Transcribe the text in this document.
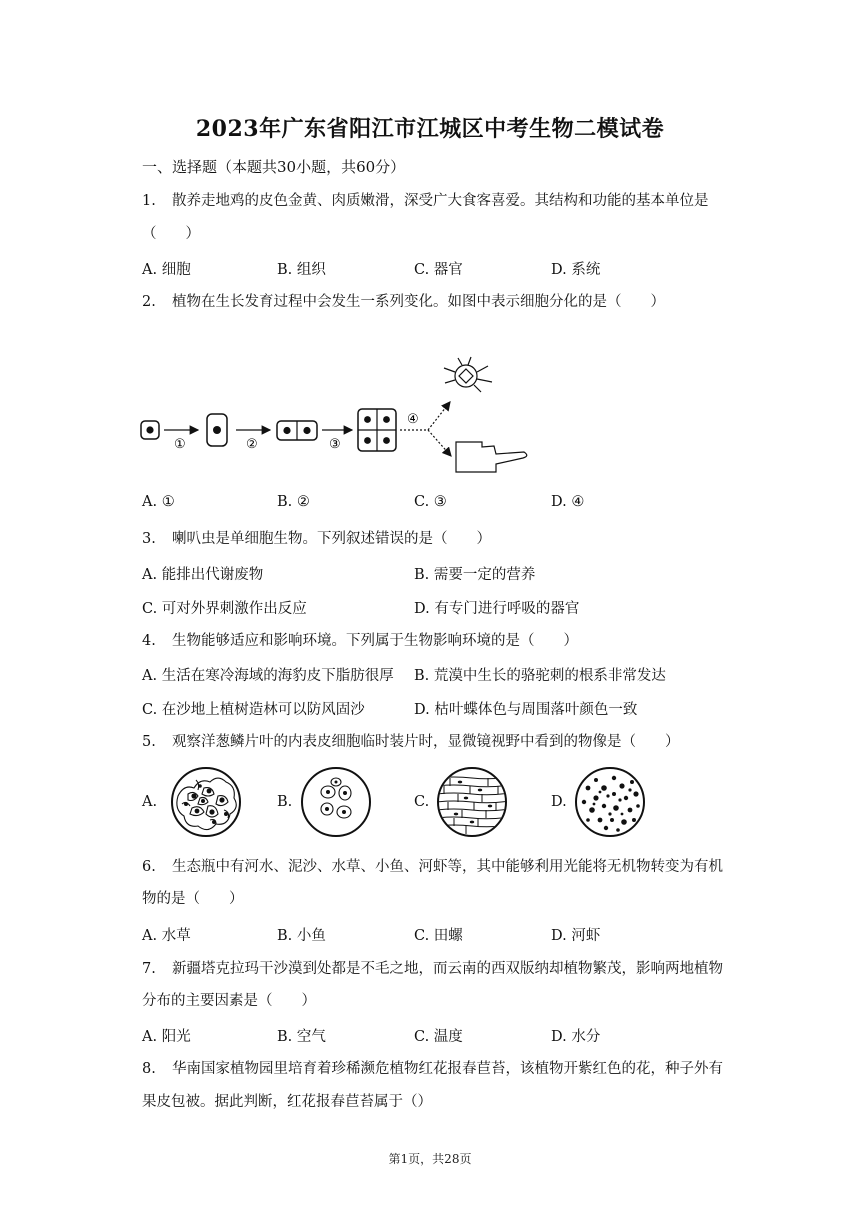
2023年广东省阳江市江城区中考生物二模试卷
一、选择题（本题共30小题，共60分）
1. 散养走地鸡的皮色金黄、肉质嫩滑，深受广大食客喜爱。其结构和功能的基本单位是
（　　）
A. 细胞	B. 组织	C. 器官	D. 系统
2. 植物在生长发育过程中会发生一系列变化。如图中表示细胞分化的是（　　）
①	②	③
④
A. ①	B. ②	C. ③	D. ④
3. 喇叭虫是单细胞生物。下列叙述错误的是（　　）
A. 能排出代谢废物	B. 需要一定的营养
C. 可对外界刺激作出反应	D. 有专门进行呼吸的器官
4. 生物能够适应和影响环境。下列属于生物影响环境的是（　　）
A. 生活在寒冷海域的海豹皮下脂肪很厚 B. 荒漠中生长的骆驼刺的根系非常发达
C. 在沙地上植树造林可以防风固沙	D. 枯叶蝶体色与周围落叶颜色一致
5. 观察洋葱鳞片叶的内表皮细胞临时装片时，显微镜视野中看到的物像是（　　）
A.	B.	C.	D.
6. 生态瓶中有河水、泥沙、水草、小鱼、河虾等，其中能够利用光能将无机物转变为有机
物的是（　　）
A. 水草	B. 小鱼	C. 田螺	D. 河虾
7. 新疆塔克拉玛干沙漠到处都是不毛之地，而云南的西双版纳却植物繁茂，影响两地植物
分布的主要因素是（　　）
A. 阳光	B. 空气	C. 温度	D. 水分
8. 华南国家植物园里培育着珍稀濒危植物红花报春苣苔，该植物开紫红色的花，种子外有
果皮包被。据此判断，红花报春苣苔属于（）
第1页，共28页
